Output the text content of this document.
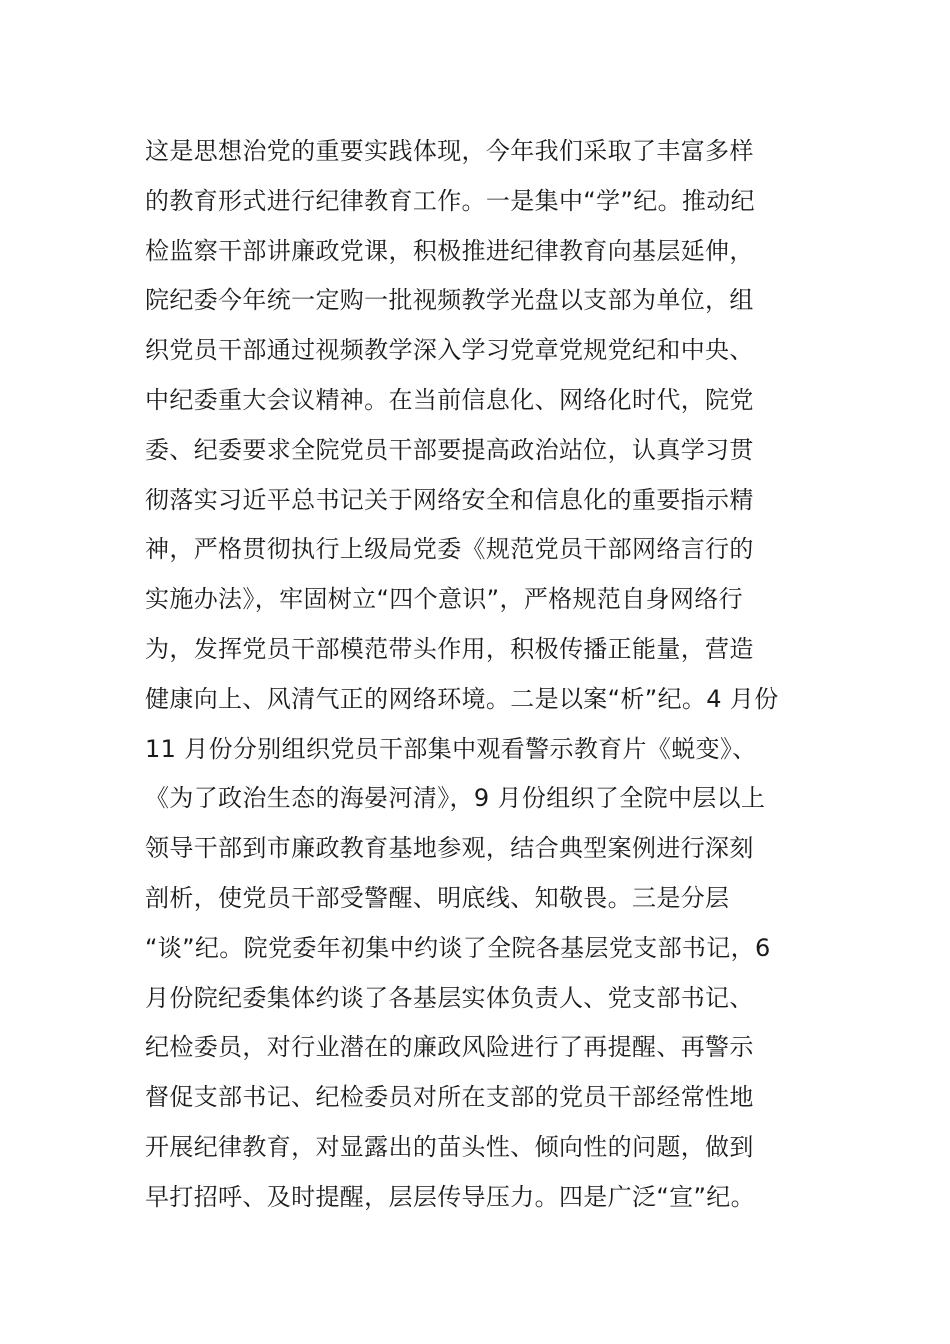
这是思想治党的重要实践体现，今年我们采取了丰富多样
的教育形式进行纪律教育工作。一是集中“学”纪。推动纪
检监察干部讲廉政党课，积极推进纪律教育向基层延伸，
院纪委今年统一定购一批视频教学光盘以支部为单位，组
织党员干部通过视频教学深入学习党章党规党纪和中央、
中纪委重大会议精神。在当前信息化、网络化时代，院党
委、纪委要求全院党员干部要提高政治站位，认真学习贯
彻落实习近平总书记关于网络安全和信息化的重要指示精
神，严格贯彻执行上级局党委《规范党员干部网络言行的
实施办法》，牢固树立“四个意识”，严格规范自身网络行
为，发挥党员干部模范带头作用，积极传播正能量，营造
健康向上、风清气正的网络环境。二是以案“析”纪。4 月份
11 月份分别组织党员干部集中观看警示教育片《蜕变》、
《为了政治生态的海晏河清》，9 月份组织了全院中层以上
领导干部到市廉政教育基地参观，结合典型案例进行深刻
剖析，使党员干部受警醒、明底线、知敬畏。三是分层
“谈”纪。院党委年初集中约谈了全院各基层党支部书记，6
月份院纪委集体约谈了各基层实体负责人、党支部书记、
纪检委员，对行业潜在的廉政风险进行了再提醒、再警示
督促支部书记、纪检委员对所在支部的党员干部经常性地
开展纪律教育，对显露出的苗头性、倾向性的问题，做到
早打招呼、及时提醒，层层传导压力。四是广泛“宣”纪。
